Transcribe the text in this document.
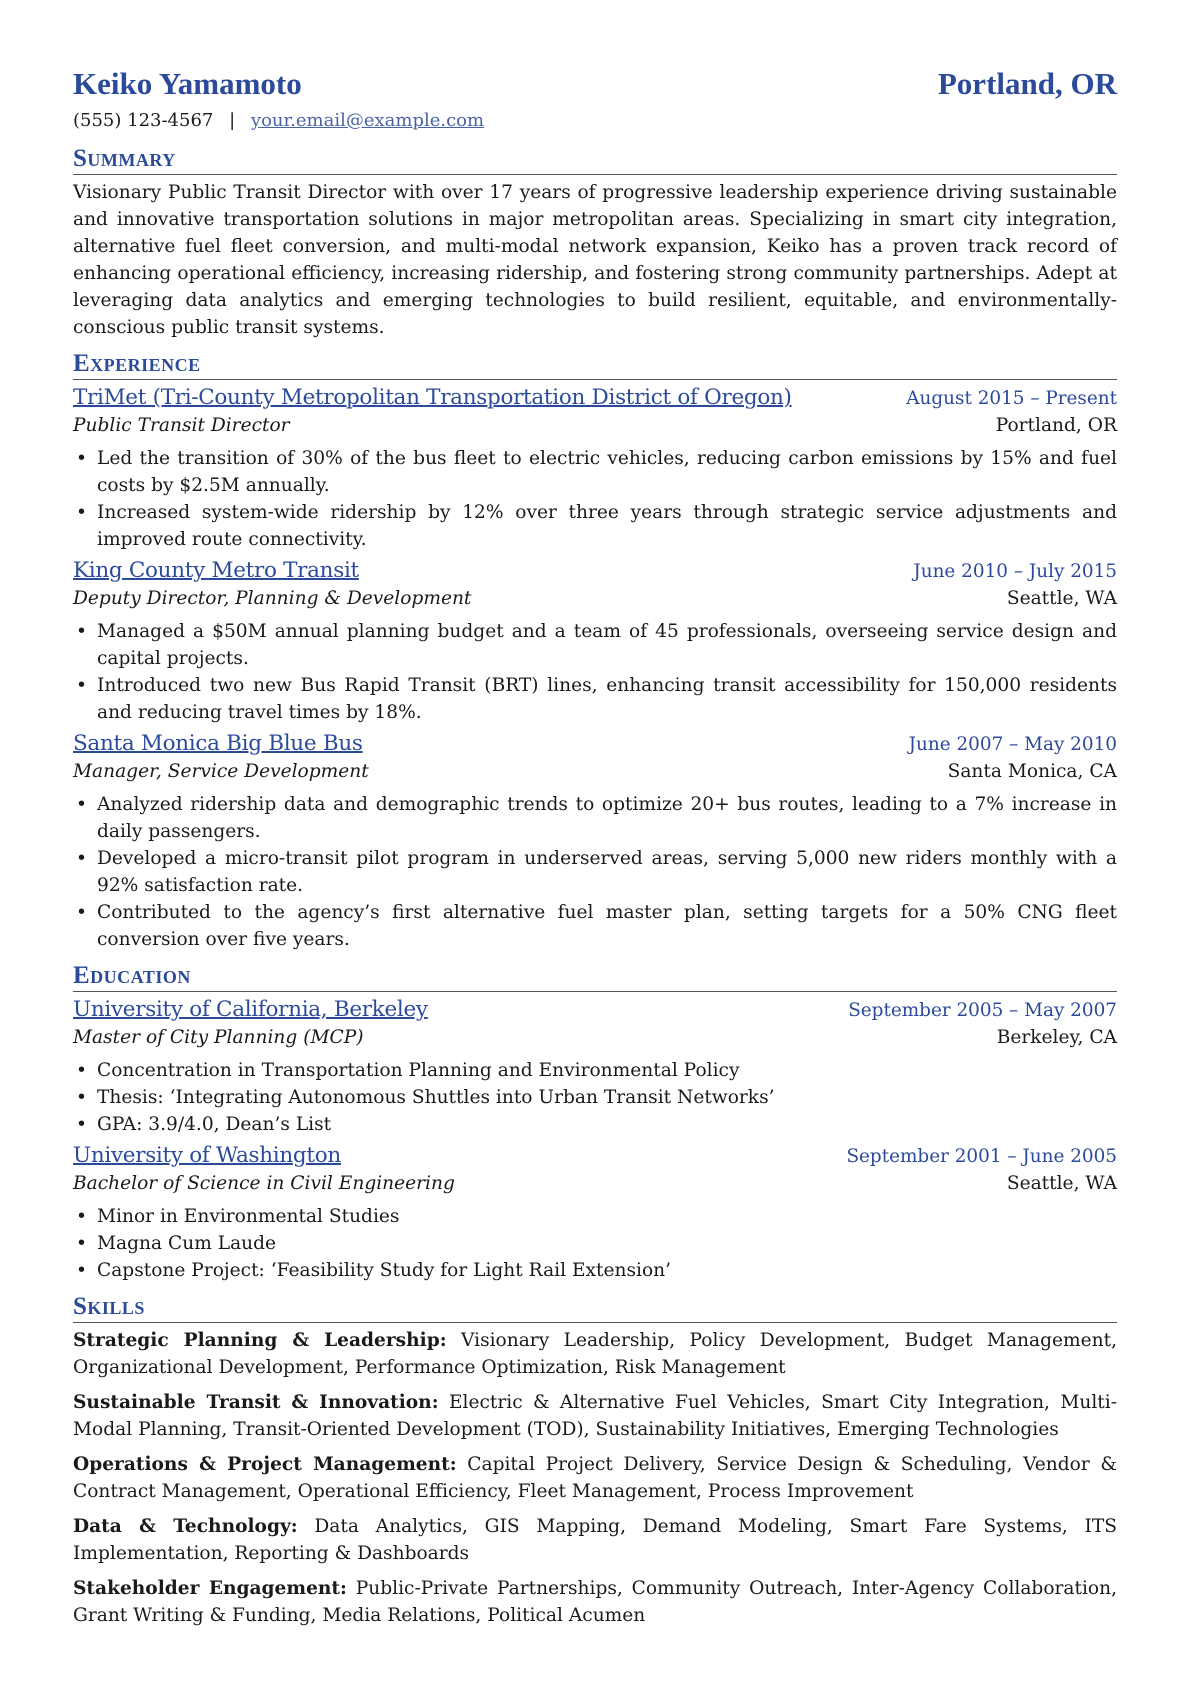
Keiko Yamamoto	Portland, OR
(555) 123-4567 | your.email@example.com
Summary

Visionary Public Transit Director with over 17 years of progressive leadership experience driving sustainable and innovative transportation solutions in major metropolitan areas. Specializing in smart city integration, alternative fuel fleet conversion, and multi-modal network expansion, Keiko has a proven track record of enhancing operational efficiency, increasing ridership, and fostering strong community partnerships. Adept at leveraging data analytics and emerging technologies to build resilient, equitable, and environmentally-conscious public transit systems.

Experience
TriMet (Tri-County Metropolitan Transportation District of Oregon)	August 2015 – Present
Public Transit Director	Portland, OR
• Led the transition of 30% of the bus fleet to electric vehicles, reducing carbon emissions by 15% and fuel costs by $2.5M annually.
• Increased system-wide ridership by 12% over three years through strategic service adjustments and improved route connectivity.
King County Metro Transit	June 2010 – July 2015
Deputy Director, Planning & Development	Seattle, WA
• Managed a $50M annual planning budget and a team of 45 professionals, overseeing service design and capital projects.
• Introduced two new Bus Rapid Transit (BRT) lines, enhancing transit accessibility for 150,000 residents and reducing travel times by 18%.
Santa Monica Big Blue Bus	June 2007 – May 2010
Manager, Service Development	Santa Monica, CA
• Analyzed ridership data and demographic trends to optimize 20+ bus routes, leading to a 7% increase in daily passengers.
• Developed a micro-transit pilot program in underserved areas, serving 5,000 new riders monthly with a 92% satisfaction rate.
• Contributed to the agency’s first alternative fuel master plan, setting targets for a 50% CNG fleet conversion over five years.
Education
University of California, Berkeley	September 2005 – May 2007
Master of City Planning (MCP)	Berkeley, CA
• Concentration in Transportation Planning and Environmental Policy
• Thesis: ‘Integrating Autonomous Shuttles into Urban Transit Networks’
• GPA: 3.9/4.0, Dean’s List
University of Washington	September 2001 – June 2005
Bachelor of Science in Civil Engineering	Seattle, WA
• Minor in Environmental Studies
• Magna Cum Laude
• Capstone Project: ‘Feasibility Study for Light Rail Extension’
Skills

Strategic Planning & Leadership: Visionary Leadership, Policy Development, Budget Management, Organizational Development, Performance Optimization, Risk Management

Sustainable Transit & Innovation: Electric & Alternative Fuel Vehicles, Smart City Integration, Multi-Modal Planning, Transit-Oriented Development (TOD), Sustainability Initiatives, Emerging Technologies

Operations & Project Management: Capital Project Delivery, Service Design & Scheduling, Vendor & Contract Management, Operational Efficiency, Fleet Management, Process Improvement

Data & Technology: Data Analytics, GIS Mapping, Demand Modeling, Smart Fare Systems, ITS Implementation, Reporting & Dashboards

Stakeholder Engagement: Public-Private Partnerships, Community Outreach, Inter-Agency Collaboration, Grant Writing & Funding, Media Relations, Political Acumen
